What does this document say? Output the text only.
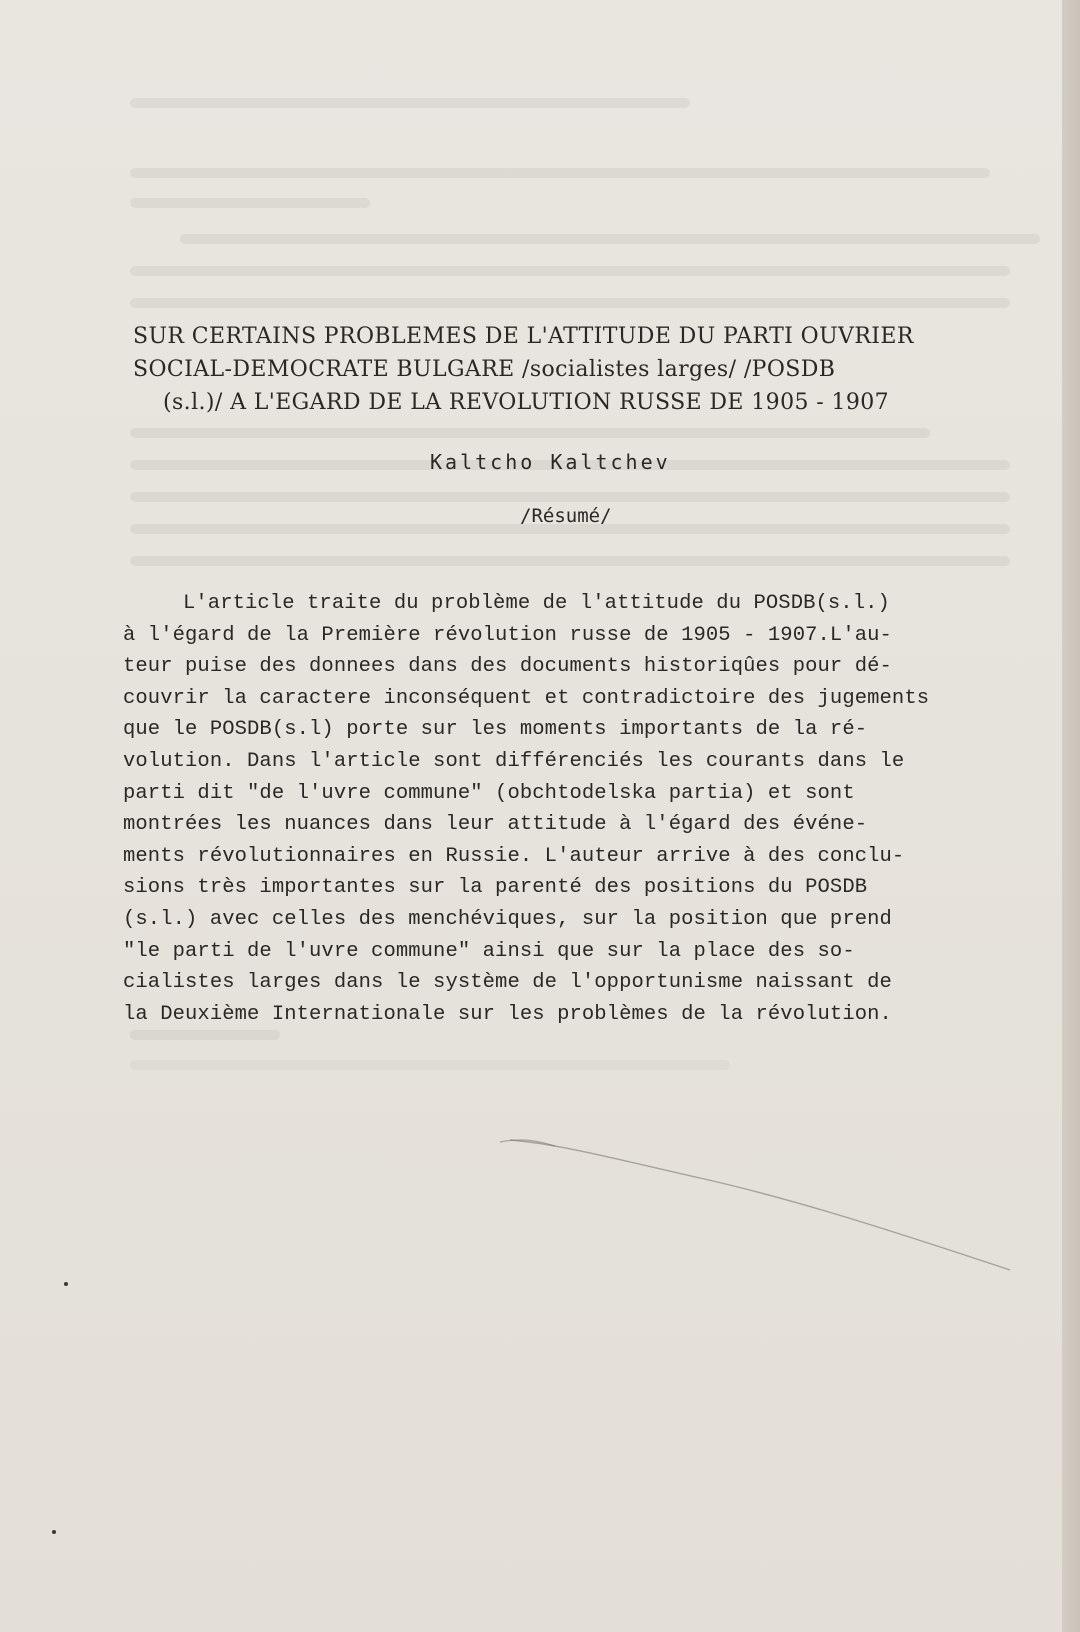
SUR CERTAINS PROBLEMES DE L'ATTITUDE DU PARTI OUVRIER
SOCIAL-DEMOCRATE BULGARE /socialistes larges/ /POSDB
(s.l.)/ A L'EGARD DE LA REVOLUTION RUSSE DE 1905 - 1907
Kaltcho Kaltchev
/Résumé/
L'article traite du problème de l'attitude du POSDB(s.l.)
à l'égard de la Première révolution russe de 1905 - 1907.L'au-
teur puise des donnees dans des documents historiqûes pour dé-
couvrir la caractere inconséquent et contradictoire des jugements
que le POSDB(s.l) porte sur les moments importants de la ré-
volution. Dans l'article sont différenciés les courants dans le
parti dit "de l'uvre commune" (obchtodelska partia) et sont
montrées les nuances dans leur attitude à l'égard des événe-
ments révolutionnaires en Russie. L'auteur arrive à des conclu-
sions très importantes sur la parenté des positions du POSDB
(s.l.) avec celles des menchéviques, sur la position que prend
"le parti de l'uvre commune" ainsi que sur la place des so-
cialistes larges dans le système de l'opportunisme naissant de
la Deuxième Internationale sur les problèmes de la révolution.
